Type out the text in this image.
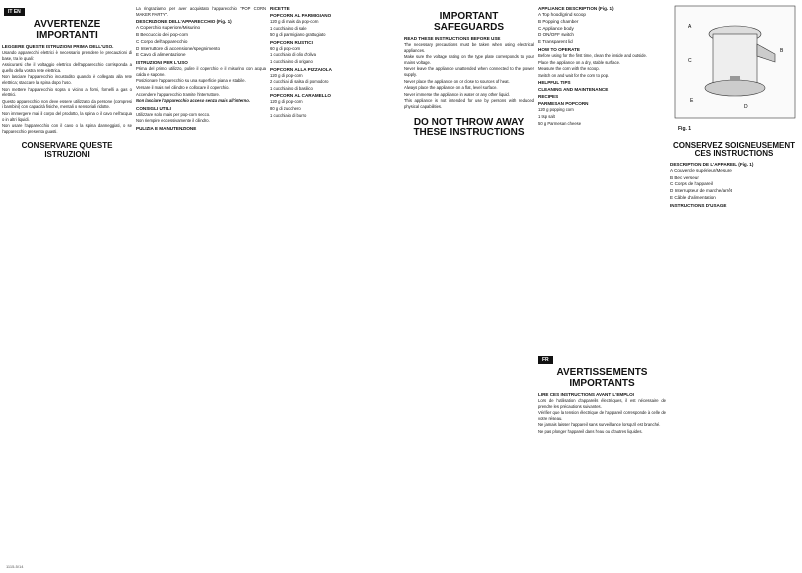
IT EN
AVVERTENZE IMPORTANTI
LEGGERE QUESTE ISTRUZIONI PRIMA DELL'USO.

Usando apparecchi elettrici è necessario prendere le precauzioni di base, tra le quali:

Assicurarsi che il voltaggio elettrico dell'apparecchio corrisponda a quello della vostra rete elettrica.

Non lasciare l'apparecchio incustodito quando è collegato alla rete elettrica; staccare la spina dopo l'uso.

Non mettere l'apparecchio sopra o vicino a forni, fornelli a gas o elettrici.

Questo apparecchio non deve essere utilizzato da persone (compresi i bambini) con capacità fisiche, mentali o sensoriali ridotte.

Non immergere mai il corpo del prodotto, la spina o il cavo nell'acqua o in altri liquidi.

Non usare l'apparecchio con il cavo o la spina danneggiati, o se l'apparecchio presenta guasti.

CONSERVARE QUESTE ISTRUZIONI
1115-5/14

La ringraziamo per aver acquistato l'apparecchio "POP CORN MAKER PARTY".

DESCRIZIONE DELL'APPARECCHIO (Fig. 1)
A Coperchio superiore/Misurino
B Beccuccio dei pop-corn
C Corpo dell'apparecchio
D Interruttore di accensione/spegnimento
E Cavo di alimentazione
ISTRUZIONI PER L'USO

Prima del primo utilizzo, pulire il coperchio e il misurino con acqua calda e sapone.

Posizionare l'apparecchio su una superficie piana e stabile.

Versare il mais nel cilindro e collocare il coperchio.

Accendere l'apparecchio tramite l'interruttore.

Non lasciare l'apparecchio acceso senza mais all'interno.

CONSIGLI UTILI

Utilizzare solo mais per pop-corn secco.

Non riempire eccessivamente il cilindro.

PULIZIA E MANUTENZIONE
RICETTE
POPCORN AL PARMIGIANO

120 g di mais da pop-corn

1 cucchiaino di sale

50 g di parmigiano grattugiato

POPCORN RUSTICI

60 g di pop-corn

1 cucchiaio di olio d'oliva

1 cucchiaino di origano

POPCORN ALLA PIZZAIOLA

120 g di pop-corn

2 cucchiai di salsa di pomodoro

1 cucchiaino di basilico

POPCORN AL CARAMELLO

120 g di pop-corn

80 g di zucchero

1 cucchiaio di burro

IMPORTANT SAFEGUARDS
READ THESE INSTRUCTIONS BEFORE USE

The necessary precautions must be taken when using electrical appliances.

Make sure the voltage rating on the type plate corresponds to your mains voltage.

Never leave the appliance unattended when connected to the power supply.

Never place the appliance on or close to sources of heat.

Always place the appliance on a flat, level surface.

Never immerse the appliance in water or any other liquid.

This appliance is not intended for use by persons with reduced physical capabilities.

DO NOT THROW AWAY THESE INSTRUCTIONS
APPLIANCE DESCRIPTION (Fig. 1)
A Top hood/grind scoop
B Popping chamber
C Appliance body
D ON/OFF switch
E Transparent lid
HOW TO OPERATE

Before using for the first time, clean the inside and outside.

Place the appliance on a dry, stable surface.

Measure the corn with the scoop.

Switch on and wait for the corn to pop.

HELPFUL TIPS
CLEANING AND MAINTENANCE
RECIPES
PARMESAN POPCORN

120 g popping corn

1 tsp salt

50 g Parmesan cheese

FR
AVERTISSEMENTS IMPORTANTS
LIRE CES INSTRUCTIONS AVANT L'EMPLOI

Lors de l'utilisation d'appareils électriques, il est nécessaire de prendre les précautions suivantes.

Vérifier que la tension électrique de l'appareil corresponde à celle de votre réseau.

Ne jamais laisser l'appareil sans surveillance lorsqu'il est branché.

Ne pas plonger l'appareil dans l'eau ou d'autres liquides.

A
B
C
D
E
Fig. 1
CONSERVEZ SOIGNEUSEMENT CES INSTRUCTIONS
DESCRIPTION DE L'APPAREIL (Fig. 1)
A Couvercle supérieur/Mesure
B Bec verseur
C Corps de l'appareil
D Interrupteur de marche/arrêt
E Câble d'alimentation
INSTRUCTIONS D'USAGE
